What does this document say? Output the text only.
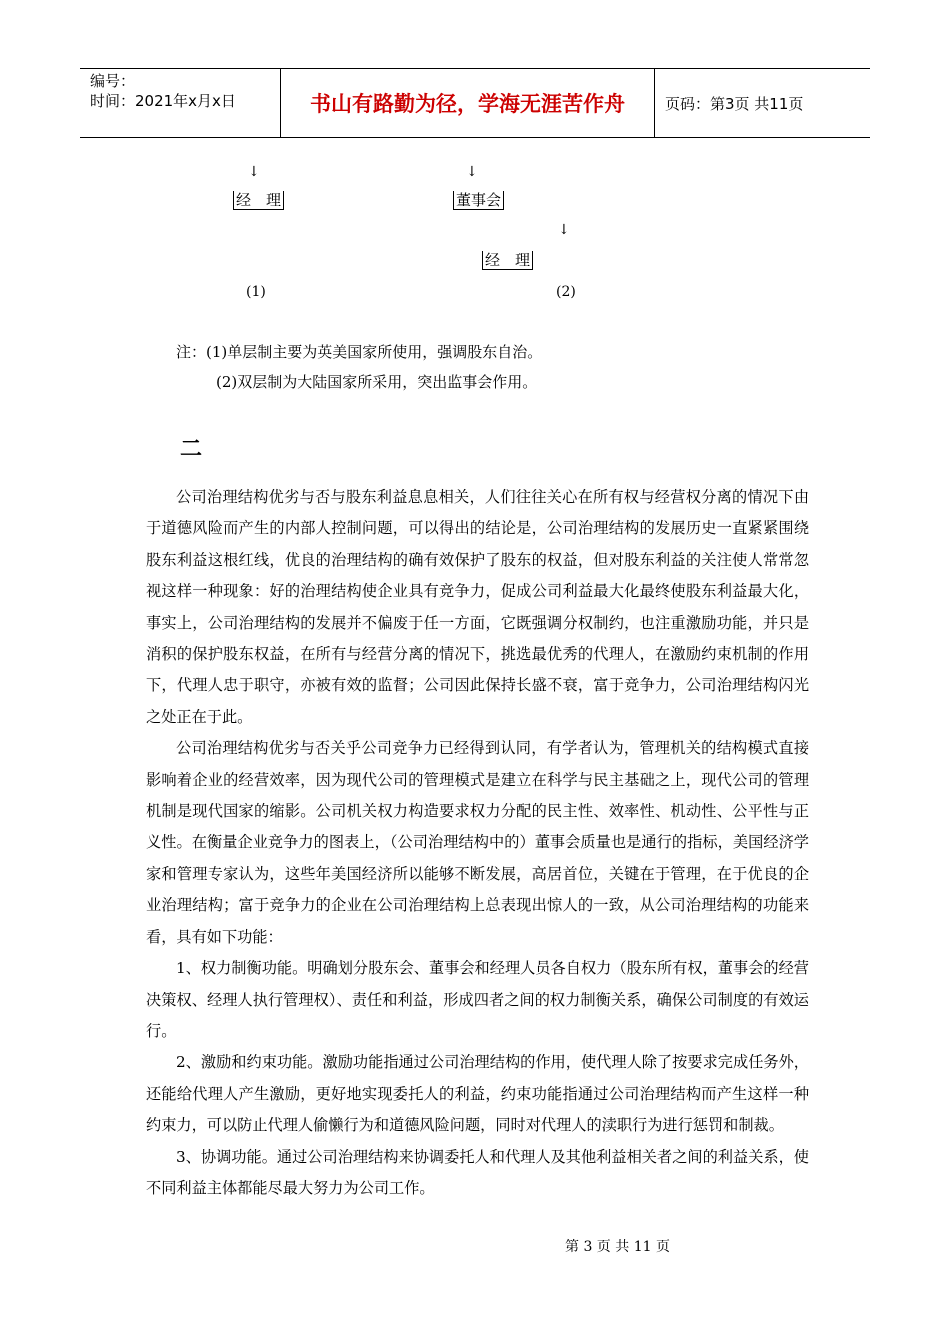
编号：
时间：2021年x月x日	书山有路勤为径，学海无涯苦作舟	页码：第3页 共11页
↓	↓
经　理	董事会
↓
经　理
(1)	(2)
注：(1)单层制主要为英美国家所使用，强调股东自治。
(2)双层制为大陆国家所采用，突出监事会作用。
二

公司治理结构优劣与否与股东利益息息相关，人们往往关心在所有权与经营权分离的情况下由于道德风险而产生的内部人控制问题，可以得出的结论是，公司治理结构的发展历史一直紧紧围绕股东利益这根红线，优良的治理结构的确有效保护了股东的权益，但对股东利益的关注使人常常忽视这样一种现象：好的治理结构使企业具有竞争力，促成公司利益最大化最终使股东利益最大化，事实上，公司治理结构的发展并不偏废于任一方面，它既强调分权制约，也注重激励功能，并只是消积的保护股东权益，在所有与经营分离的情况下，挑选最优秀的代理人，在激励约束机制的作用下，代理人忠于职守，亦被有效的监督；公司因此保持长盛不衰，富于竞争力，公司治理结构闪光之处正在于此。

公司治理结构优劣与否关乎公司竞争力已经得到认同，有学者认为，管理机关的结构模式直接影响着企业的经营效率，因为现代公司的管理模式是建立在科学与民主基础之上，现代公司的管理机制是现代国家的缩影。公司机关权力构造要求权力分配的民主性、效率性、机动性、公平性与正义性。在衡量企业竞争力的图表上，（公司治理结构中的）董事会质量也是通行的指标，美国经济学家和管理专家认为，这些年美国经济所以能够不断发展，高居首位，关键在于管理，在于优良的企业治理结构；富于竞争力的企业在公司治理结构上总表现出惊人的一致，从公司治理结构的功能来看，具有如下功能：

1、权力制衡功能。明确划分股东会、董事会和经理人员各自权力（股东所有权，董事会的经营决策权、经理人执行管理权）、责任和利益，形成四者之间的权力制衡关系，确保公司制度的有效运行。

2、激励和约束功能。激励功能指通过公司治理结构的作用，使代理人除了按要求完成任务外，还能给代理人产生激励，更好地实现委托人的利益，约束功能指通过公司治理结构而产生这样一种约束力，可以防止代理人偷懒行为和道德风险问题，同时对代理人的渎职行为进行惩罚和制裁。

3、协调功能。通过公司治理结构来协调委托人和代理人及其他利益相关者之间的利益关系，使不同利益主体都能尽最大努力为公司工作。

第 3 页 共 11 页
